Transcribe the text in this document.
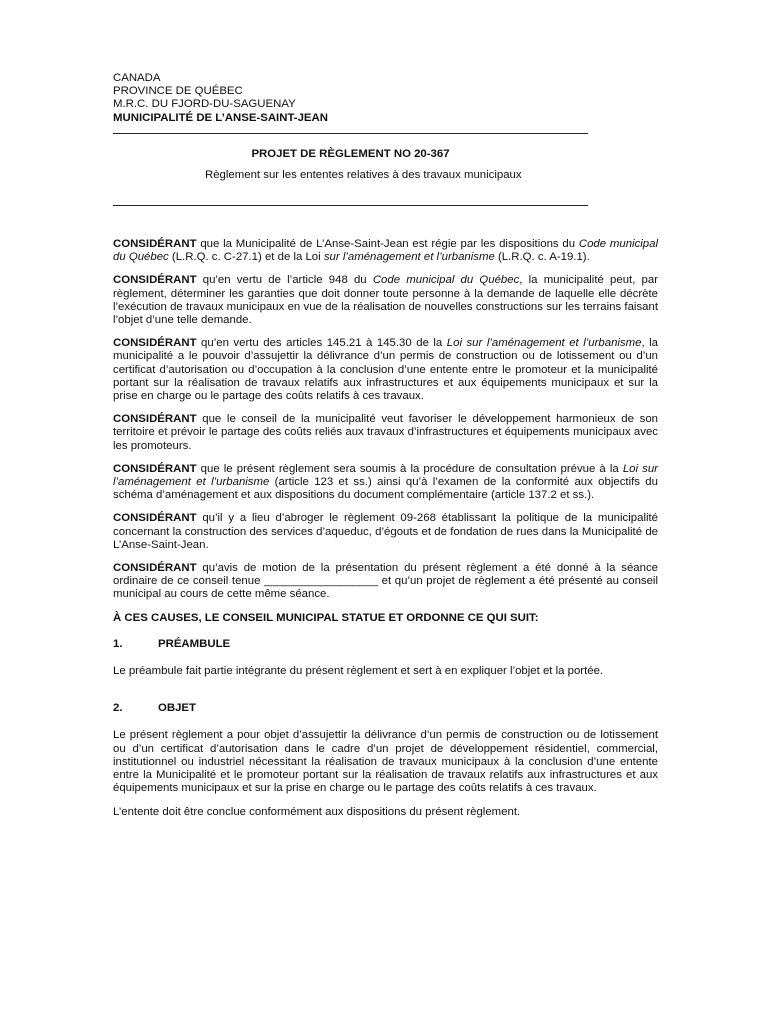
CANADA
PROVINCE DE QUÉBEC
M.R.C. DU FJORD-DU-SAGUENAY
MUNICIPALITÉ DE L’ANSE-SAINT-JEAN
PROJET DE RÈGLEMENT NO 20-367
Règlement sur les ententes relatives à des travaux municipaux

CONSIDÉRANT que la Municipalité de L’Anse-Saint-Jean est régie par les dispositions du Code municipal du Québec (L.R.Q. c. C-27.1) et de la Loi sur l’aménagement et l’urbanisme (L.R.Q. c. A-19.1).

CONSIDÉRANT qu’en vertu de l’article 948 du Code municipal du Québec, la municipalité peut, par règlement, déterminer les garanties que doit donner toute personne à la demande de laquelle elle décrète l’exécution de travaux municipaux en vue de la réalisation de nouvelles constructions sur les terrains faisant l’objet d’une telle demande.

CONSIDÉRANT qu’en vertu des articles 145.21 à 145.30 de la Loi sur l’aménagement et l’urbanisme, la municipalité a le pouvoir d’assujettir la délivrance d’un permis de construction ou de lotissement ou d’un certificat d’autorisation ou d’occupation à la conclusion d’une entente entre le promoteur et la municipalité portant sur la réalisation de travaux relatifs aux infrastructures et aux équipements municipaux et sur la prise en charge ou le partage des coûts relatifs à ces travaux.

CONSIDÉRANT que le conseil de la municipalité veut favoriser le développement harmonieux de son territoire et prévoir le partage des coûts reliés aux travaux d’infrastructures et équipements municipaux avec les promoteurs.

CONSIDÉRANT que le présent règlement sera soumis à la procédure de consultation prévue à la Loi sur l’aménagement et l’urbanisme (article 123 et ss.) ainsi qu’à l’examen de la conformité aux objectifs du schéma d’aménagement et aux dispositions du document complémentaire (article 137.2 et ss.).

CONSIDÉRANT qu’il y a lieu d’abroger le règlement 09-268 établissant la politique de la municipalité concernant la construction des services d’aqueduc, d’égouts et de fondation de rues dans la Municipalité de L’Anse-Saint-Jean.

CONSIDÉRANT qu’avis de motion de la présentation du présent règlement a été donné à la séance ordinaire de ce conseil tenue __________________ et qu’un projet de règlement a été présenté au conseil municipal au cours de cette même séance.

À CES CAUSES, LE CONSEIL MUNICIPAL STATUE ET ORDONNE CE QUI SUIT:
1.	PRÉAMBULE

Le préambule fait partie intégrante du présent règlement et sert à en expliquer l’objet et la portée.

2.	OBJET

Le présent règlement a pour objet d’assujettir la délivrance d’un permis de construction ou de lotissement ou d’un certificat d’autorisation dans le cadre d’un projet de développement résidentiel, commercial, institutionnel ou industriel nécessitant la réalisation de travaux municipaux à la conclusion d’une entente entre la Municipalité et le promoteur portant sur la réalisation de travaux relatifs aux infrastructures et aux équipements municipaux et sur la prise en charge ou le partage des coûts relatifs à ces travaux.

L’entente doit être conclue conformément aux dispositions du présent règlement.
